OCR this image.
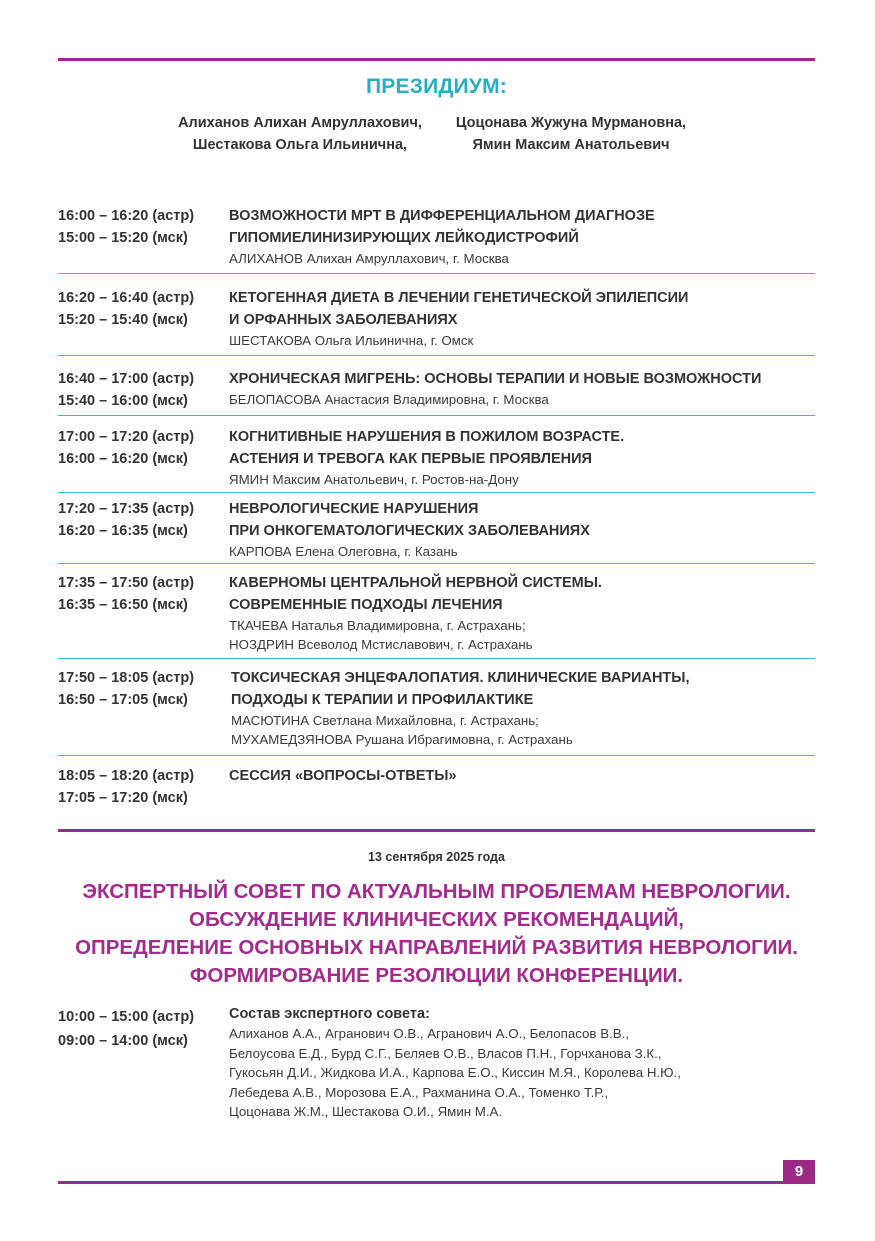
ПРЕЗИДИУМ:
Алиханов Алихан Амруллахович,
Шестакова Ольга Ильинична,
Цоцонава Жужуна Мурмановна,
Ямин Максим Анатольевич
16:00 – 16:20 (астр)
15:00 – 15:20 (мск)
ВОЗМОЖНОСТИ МРТ В ДИФФЕРЕНЦИАЛЬНОМ ДИАГНОЗЕ
ГИПОМИЕЛИНИЗИРУЮЩИХ ЛЕЙКОДИСТРОФИЙ
АЛИХАНОВ Алихан Амруллахович, г. Москва
16:20 – 16:40 (астр)
15:20 – 15:40 (мск)
КЕТОГЕННАЯ ДИЕТА В ЛЕЧЕНИИ ГЕНЕТИЧЕСКОЙ ЭПИЛЕПСИИ
И ОРФАННЫХ ЗАБОЛЕВАНИЯХ
ШЕСТАКОВА Ольга Ильинична, г. Омск
16:40 – 17:00 (астр)
15:40 – 16:00 (мск)
ХРОНИЧЕСКАЯ МИГРЕНЬ: ОСНОВЫ ТЕРАПИИ И НОВЫЕ ВОЗМОЖНОСТИ
БЕЛОПАСОВА Анастасия Владимировна, г. Москва
17:00 – 17:20 (астр)
16:00 – 16:20 (мск)
КОГНИТИВНЫЕ НАРУШЕНИЯ В ПОЖИЛОМ ВОЗРАСТЕ.
АСТЕНИЯ И ТРЕВОГА КАК ПЕРВЫЕ ПРОЯВЛЕНИЯ
ЯМИН Максим Анатольевич, г. Ростов-на-Дону
17:20 – 17:35 (астр)
16:20 – 16:35 (мск)
НЕВРОЛОГИЧЕСКИЕ НАРУШЕНИЯ
ПРИ ОНКОГЕМАТОЛОГИЧЕСКИХ ЗАБОЛЕВАНИЯХ
КАРПОВА Елена Олеговна, г. Казань
17:35 – 17:50 (астр)
16:35 – 16:50 (мск)
КАВЕРНОМЫ ЦЕНТРАЛЬНОЙ НЕРВНОЙ СИСТЕМЫ.
СОВРЕМЕННЫЕ ПОДХОДЫ ЛЕЧЕНИЯ
ТКАЧЕВА Наталья Владимировна, г. Астрахань;
НОЗДРИН Всеволод Мстиславович, г. Астрахань
17:50 – 18:05 (астр)
16:50 – 17:05 (мск)
ТОКСИЧЕСКАЯ ЭНЦЕФАЛОПАТИЯ. КЛИНИЧЕСКИЕ ВАРИАНТЫ,
ПОДХОДЫ К ТЕРАПИИ И ПРОФИЛАКТИКЕ
МАСЮТИНА Светлана Михайловна, г. Астрахань;
МУХАМЕДЗЯНОВА Рушана Ибрагимовна, г. Астрахань
18:05 – 18:20 (астр)
17:05 – 17:20 (мск)
СЕССИЯ «ВОПРОСЫ-ОТВЕТЫ»
13 сентября 2025 года
ЭКСПЕРТНЫЙ СОВЕТ ПО АКТУАЛЬНЫМ ПРОБЛЕМАМ НЕВРОЛОГИИ.
ОБСУЖДЕНИЕ КЛИНИЧЕСКИХ РЕКОМЕНДАЦИЙ,
ОПРЕДЕЛЕНИЕ ОСНОВНЫХ НАПРАВЛЕНИЙ РАЗВИТИЯ НЕВРОЛОГИИ.
ФОРМИРОВАНИЕ РЕЗОЛЮЦИИ КОНФЕРЕНЦИИ.
10:00 – 15:00 (астр)
09:00 – 14:00 (мск)
Состав экспертного совета:
Алиханов А.А., Агранович О.В., Агранович А.О., Белопасов В.В.,
Белоусова Е.Д., Бурд С.Г., Беляев О.В., Власов П.Н., Горчханова З.К.,
Гукосьян Д.И., Жидкова И.А., Карпова Е.О., Киссин М.Я., Королева Н.Ю.,
Лебедева А.В., Морозова Е.А., Рахманина О.А., Томенко Т.Р.,
Цоцонава Ж.М., Шестакова О.И., Ямин М.А.
9
